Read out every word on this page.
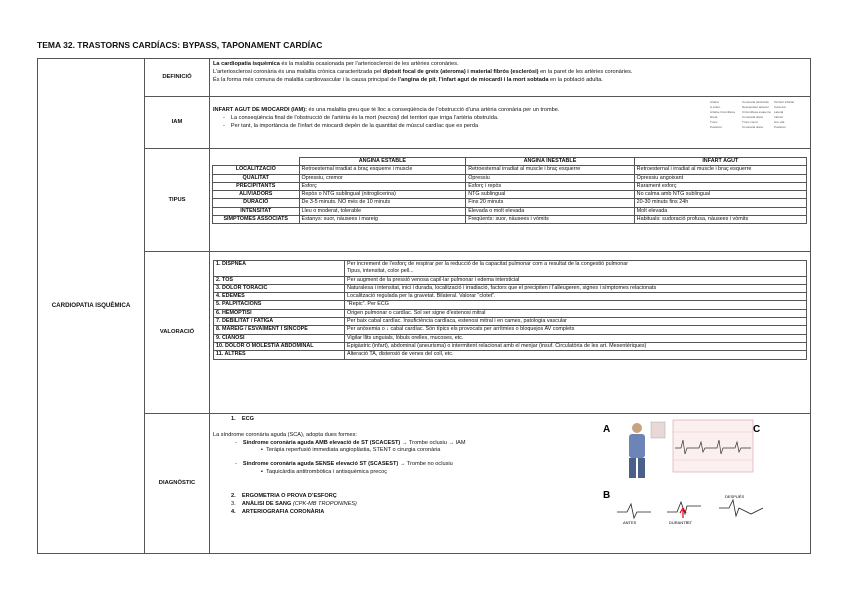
TEMA 32. TRASTORNS CARDÍACS: BYPASS, TAPONAMENT CARDÍAC
CARDIOPATIA ISQUÈMICA	DEFINICIÓ	
La cardiopatia isquèmica és la malaltia ocasionada per l’arteriosclerosi de les artèries coronàries.
L’arteriosclerosi coronària és una malaltia crònica caracteritzada pel dipòsit focal de greix (ateroma) i material fibrós (escleròsi) en la paret de les artèries coronàries.
És la forma més comuna de malaltia cardiovascular i la causa principal de l’angina de pit, l’infart agut de miocardi i la mort sobtada en la població adulta.

IAM	
INFART AGUT DE MIOCARDI (IAM): és una malaltia greu que té lloc a conseqüència de l’obstrucció d’una artèria coronària per un trombe.
- La conseqüència final de l’obstrucció de l’artèria és la mort (necrosi) del territori que irriga l’artèria obstruïda.
- Per tant, la importància de l’infart de miocardi depèn de la quantitat de múscul cardíac que es perda
Artèria	Coronaria obstruïda	Territori infartat
A.Anter.	Descendent anterior	Cara ant.
Artèria circumflexa	Circumflexa esquerra	Lateral
Dreta	Coronària dreta	Inferior
Tronc	Tronc comú	Ant.+lat.
Posterior	Coronària dreta	Posterior

TIPUS	
	ANGINA ESTABLE	ANGINA INESTABLE	INFART AGUT
LOCALITZACIÓ	Retroesternal irradiat a braç esquerre i muscle	Retroesternal irradiat al muscle i braç esquerre	Retroesternal i irradiat al muscle i braç esquerre
QUALITAT	Opressiu, cremor	Opressiu	Opressiu angoixant
PRECIPITANTS	Esforç	Esforç i repòs	Rarament esforç
ALIVIADORS	Repòs o NTG sublingual (nitroglicerina)	NTG sublingual	No calma amb NTG sublingual
DURACIÓ	De 3-5 minuts. NO més de 10 minuts	Fins 20 minuts	20-30 minuts fins 24h
INTENSITAT	Lleu o moderat, tolerable	Elevada o molt elevada	Molt elevada
SÍMPTOMES ASSOCIATS	Estanys: suor, nàusees i mareig	Freqüents: suor, nàusees i vòmits	Habituals: sudoració profusa, nàusees i vòmits

VALORACIÓ	
1. DISPNEA	Per increment de l’esforç de respirar per la reducció de la capacitat pulmonar com a resultat de la congestió pulmonar
Tipus, intensitat, color pell...

2. TOS	Per augment de la pressió venosa capil·lar pulmonar i edema intersticial
3. DOLOR TORÀCIC	Naturalesa i intensitat, inici i durada, localització i irradiació, factors que el precipiten i l’alleugeren, signes i símptomes relacionats
4. EDEMES	Localització regulada per la gravetat. Bilateral. Valorar “clotet”.
5. PALPITACIONS	“Repic”. Per ECG
6. HEMOPTISI	Origen pulmonar o cardíac. Sol ser signe d’estenosi mitral
7. DEBILITAT / FATIGA	Per baix cabal cardíac. Insuficiència cardíaca, estenosi mitral i en cames, patologia vascular
8. MAREIG / ESVAÏMENT I SÍNCOPE	Per anòxemia o ↓ cabal cardíac. Són típics els provocats per arrítmies o bloquejos AV complets
9. CIANOSI	Vigilar llits unguials, lòbuls orelles, mucoses, etc.
10. DOLOR O MOLÈSTIA ABDOMINAL	Epigàstric (infart), abdominal (aneurisma) o intermitent relacionat amb el menjar (insuf. Circulatòria de les art. Mesentèriques)
11. ALTRES	Alteració TA, distensió de venes del coll, etc.

DIAGNÒSTIC	
1.    ECG
La síndrome coronària aguda (SCA), adopta dues formes:
- Síndrome coronària aguda AMB elevació de ST (SCACEST) → Trombe oclusiu → IAM
▪  Teràpia reperfusió immediata angioplàstia, STENT o cirurgia coronària
- Síndrome coronària aguda SENSE elevació ST (SCASEST) → Trombe no oclusiu
▪  Taquicàrdia antitrombòtica i antisquèmica precoç
2.    ERGOMETRIA O PROVA D’ESFORÇ
3.    ANÀLISI DE SANG (CPK-MB TROPONINES)
4.    ARTERIOGRAFIA CORONÀRIA
A	C
B
ANTES	DURANTE
ST
DESPUÉS
